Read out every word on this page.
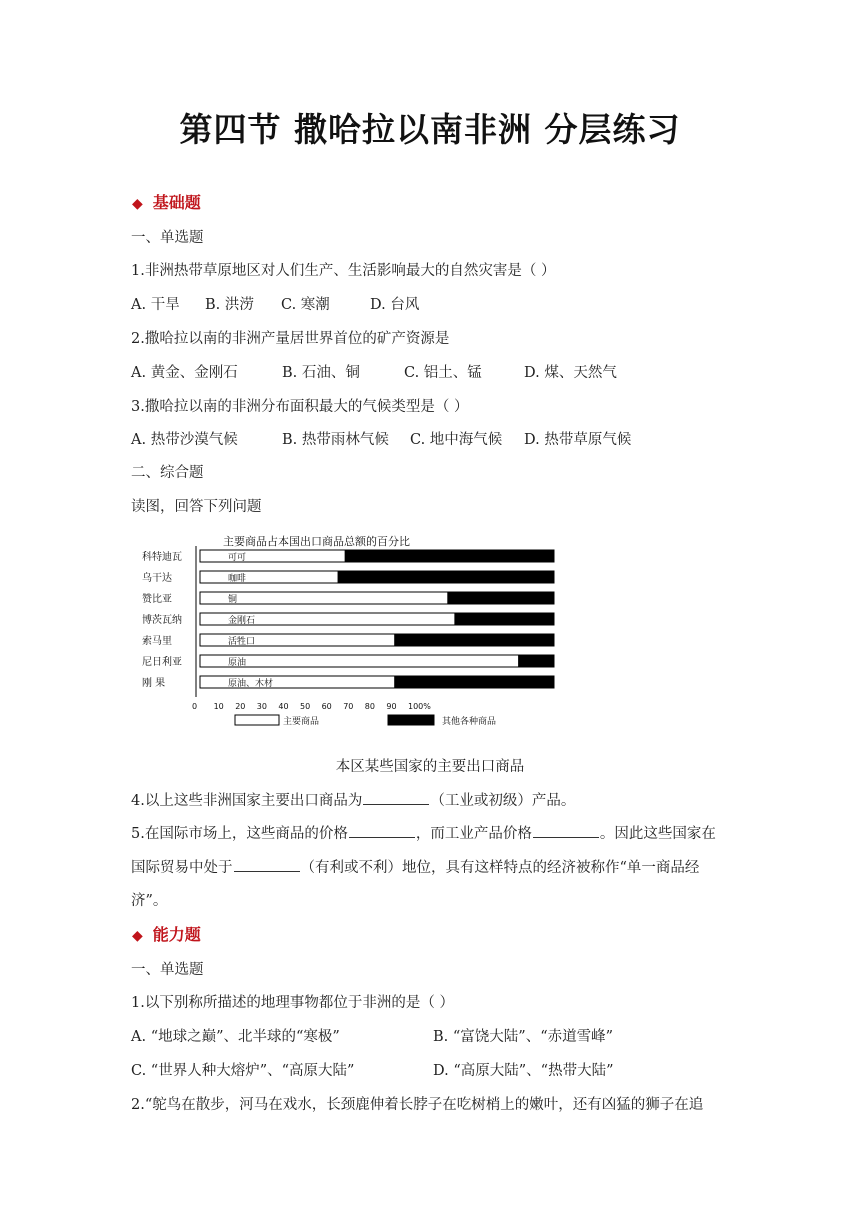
第四节 撒哈拉以南非洲 分层练习
◆ 基础题
一、单选题
1.非洲热带草原地区对人们生产、生活影响最大的自然灾害是（ ）
A. 干旱 B. 洪涝 C. 寒潮	D. 台风
2.撒哈拉以南的非洲产量居世界首位的矿产资源是
A. 黄金、金刚石	B. 石油、铜	C. 铝土、锰	D. 煤、天然气
3.撒哈拉以南的非洲分布面积最大的气候类型是（ ）
A. 热带沙漠气候	B. 热带雨林气候 C. 地中海气候 D. 热带草原气候
二、综合题
读图，回答下列问题
主要商品占本国出口商品总额的百分比
科特迪瓦	可可
乌干达	咖啡
赞比亚	铜
博茨瓦纳	金刚石
索马里	活牲口
尼日利亚	原油
刚 果	原油、木材
0 10 20 30 40 50 60 70 80 90 100%
主要商品	其他各种商品
本区某些国家的主要出口商品
4.以上这些非洲国家主要出口商品为	（工业或初级）产品。
5.在国际市场上，这些商品的价格	，而工业产品价格	。因此这些国家在
国际贸易中处于	（有利或不利）地位，具有这样特点的经济被称作“单一商品经
济”。
◆ 能力题
一、单选题
1.以下别称所描述的地理事物都位于非洲的是（ ）
A. “地球之巅”、北半球的“寒极”	B. “富饶大陆”、“赤道雪峰”
C. “世界人种大熔炉”、“高原大陆”	D. “高原大陆”、“热带大陆”
2.“鸵鸟在散步，河马在戏水，长颈鹿伸着长脖子在吃树梢上的嫩叶，还有凶猛的狮子在追
